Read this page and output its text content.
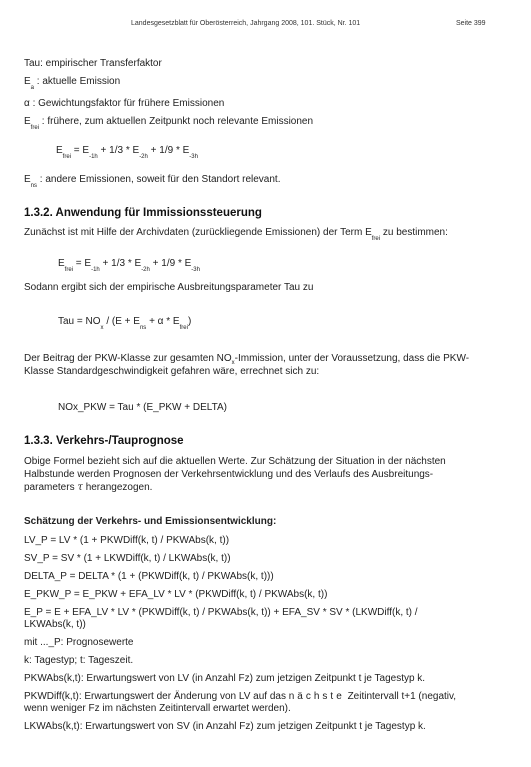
Landesgesetzblatt für Oberösterreich, Jahrgang 2008, 101. Stück, Nr. 101	Seite 399
Tau: empirischer Transferfaktor
$E_a$ : aktuelle Emission
α : Gewichtungsfaktor für frühere Emissionen
$E_{frei}$ : frühere, zum aktuellen Zeitpunkt noch relevante Emissionen
$E_{frei} = E_{-1h} + 1/3 * E_{-2h} + 1/9 * E_{-3h}$
$E_{ns}$ : andere Emissionen, soweit für den Standort relevant.
1.3.2. Anwendung für Immissionssteuerung
Zunächst ist mit Hilfe der Archivdaten (zurückliegende Emissionen) der Term $E_{frei}$ zu bestimmen:
$E_{frei} = E_{-1h} + 1/3 * E_{-2h} + 1/9 * E_{-3h}$
Sodann ergibt sich der empirische Ausbreitungsparameter Tau zu
Tau = $NO_x / (E + E_{ns} + \alpha * E_{frei})$
Der Beitrag der PKW-Klasse zur gesamten $NO_x$-Immission, unter der Voraussetzung, dass die PKW-
Klasse Standardgeschwindigkeit gefahren wäre, errechnet sich zu:
NOx_PKW = Tau * (E_PKW + DELTA)
1.3.3. Verkehrs-/Tauprognose
Obige Formel bezieht sich auf die aktuellen Werte. Zur Schätzung der Situation in der nächsten
Halbstunde werden Prognosen der Verkehrsentwicklung und des Verlaufs des Ausbreitungs-
parameters τ herangezogen.
Schätzung der Verkehrs- und Emissionsentwicklung:
LV_P = LV * (1 + PKWDiff(k, t) / PKWAbs(k, t))
SV_P = SV * (1 + LKWDiff(k, t) / LKWAbs(k, t))
DELTA_P = DELTA * (1 + (PKWDiff(k, t) / PKWAbs(k, t)))
E_PKW_P = E_PKW + EFA_LV * LV * (PKWDiff(k, t) / PKWAbs(k, t))
E_P = E + EFA_LV * LV * (PKWDiff(k, t) / PKWAbs(k, t)) + EFA_SV * SV * (LKWDiff(k, t) /
LKWAbs(k, t))
mit ..._P: Prognosewerte
k: Tagestyp; t: Tageszeit.
PKWAbs(k,t): Erwartungswert von LV (in Anzahl Fz) zum jetzigen Zeitpunkt t je Tagestyp k.
PKWDiff(k,t): Erwartungswert der Änderung von LV auf das nächste Zeitintervall t+1 (negativ,
wenn weniger Fz im nächsten Zeitintervall erwartet werden).
LKWAbs(k,t): Erwartungswert von SV (in Anzahl Fz) zum jetzigen Zeitpunkt t je Tagestyp k.
